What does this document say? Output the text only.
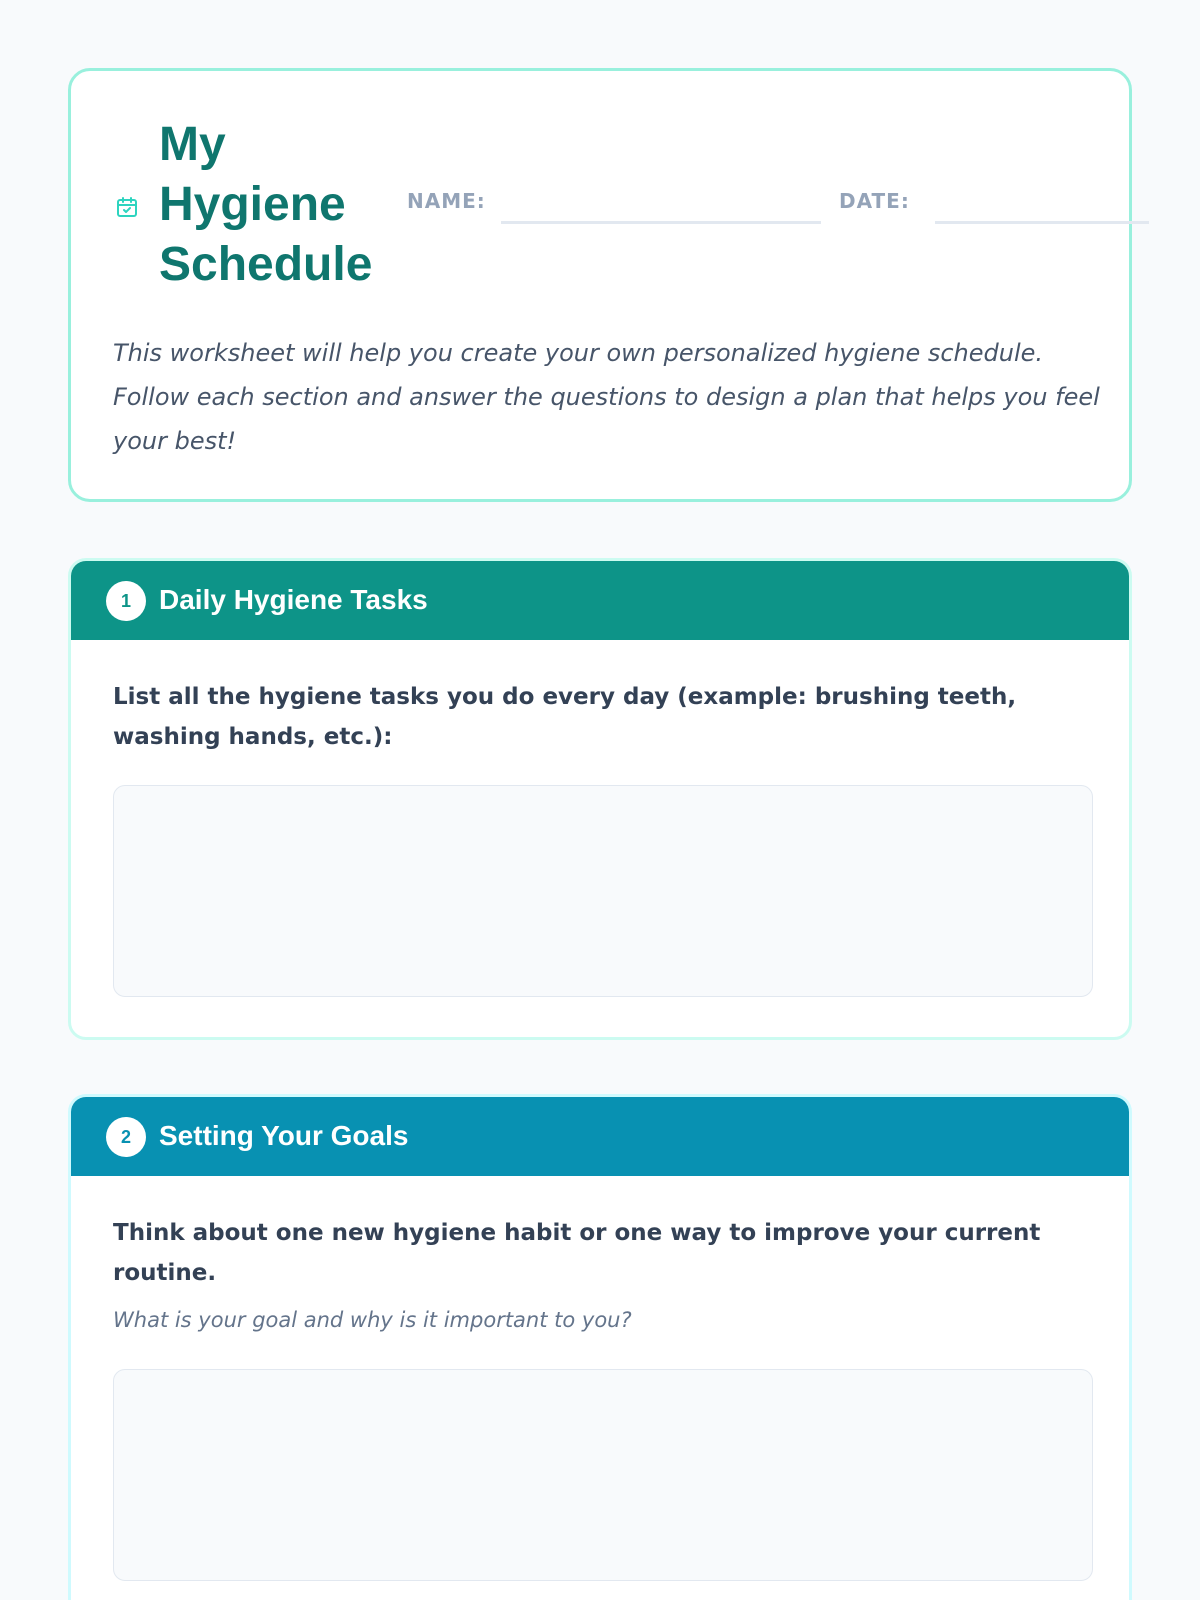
My
Hygiene
Schedule
NAME:	DATE:

This worksheet will help you create your own personalized hygiene schedule. Follow each section and answer the questions to design a plan that helps you feel your best!

1	Daily Hygiene Tasks

List all the hygiene tasks you do every day (example: brushing teeth, washing hands, etc.):

2	Setting Your Goals

Think about one new hygiene habit or one way to improve your current routine.

What is your goal and why is it important to you?
